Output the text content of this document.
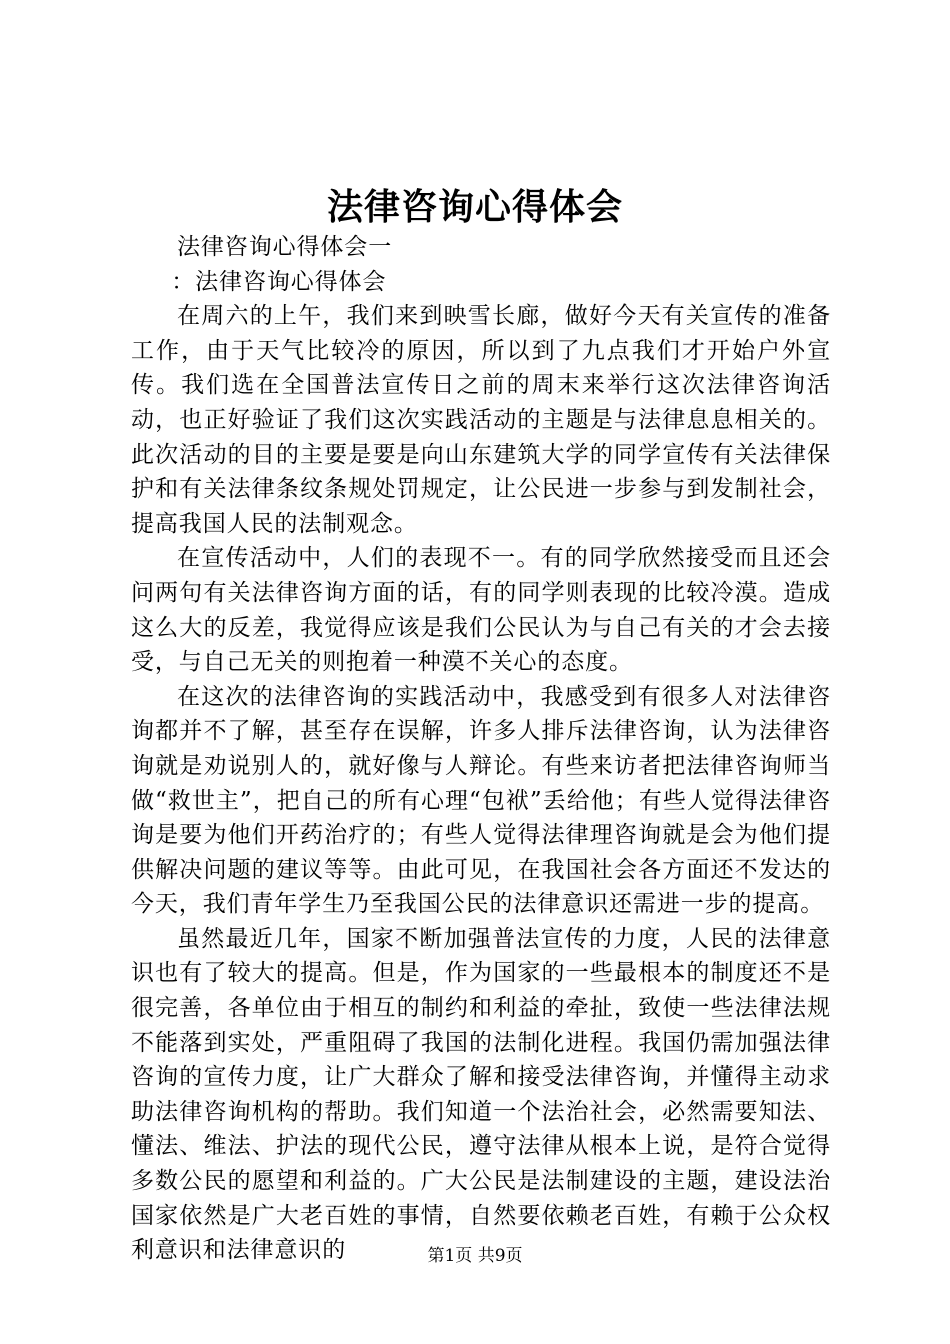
法律咨询心得体会

法律咨询心得体会一

：法律咨询心得体会

在周六的上午，我们来到映雪长廊，做好今天有关宣传的准备工作，由于天气比较冷的原因，所以到了九点我们才开始户外宣传。我们选在全国普法宣传日之前的周末来举行这次法律咨询活动，也正好验证了我们这次实践活动的主题是与法律息息相关的。此次活动的目的主要是要是向山东建筑大学的同学宣传有关法律保护和有关法律条纹条规处罚规定，让公民进一步参与到发制社会，提高我国人民的法制观念。

在宣传活动中，人们的表现不一。有的同学欣然接受而且还会问两句有关法律咨询方面的话，有的同学则表现的比较冷漠。造成这么大的反差，我觉得应该是我们公民认为与自己有关的才会去接受，与自己无关的则抱着一种漠不关心的态度。

在这次的法律咨询的实践活动中，我感受到有很多人对法律咨询都并不了解，甚至存在误解，许多人排斥法律咨询，认为法律咨询就是劝说别人的，就好像与人辩论。有些来访者把法律咨询师当做“救世主”，把自己的所有心理“包袱”丢给他；有些人觉得法律咨询是要为他们开药治疗的；有些人觉得法律理咨询就是会为他们提供解决问题的建议等等。由此可见，在我国社会各方面还不发达的今天，我们青年学生乃至我国公民的法律意识还需进一步的提高。

虽然最近几年，国家不断加强普法宣传的力度，人民的法律意识也有了较大的提高。但是，作为国家的一些最根本的制度还不是很完善，各单位由于相互的制约和利益的牵扯，致使一些法律法规不能落到实处，严重阻碍了我国的法制化进程。我国仍需加强法律咨询的宣传力度，让广大群众了解和接受法律咨询，并懂得主动求助法律咨询机构的帮助。我们知道一个法治社会，必然需要知法、懂法、维法、护法的现代公民，遵守法律从根本上说，是符合觉得多数公民的愿望和利益的。广大公民是法制建设的主题，建设法治国家依然是广大老百姓的事情，自然要依赖老百姓，有赖于公众权利意识和法律意识的	第1页 共9页
